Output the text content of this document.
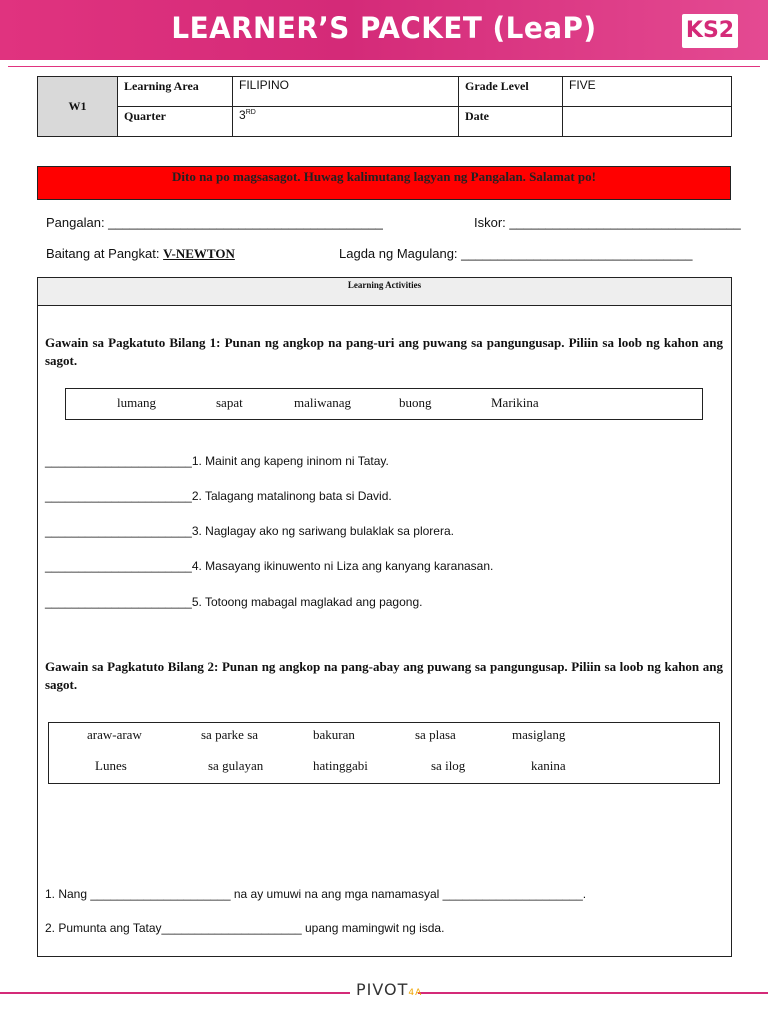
LEARNER’S PACKET (LeaP)	KS2
W1	Learning Area	FILIPINO	Grade Level	FIVE
	Quarter	3RD	Date	
Dito na po magsasagot. Huwag kalimutang lagyan ng Pangalan. Salamat po!
Pangalan: ______________________________________	Iskor: ________________________________
Baitang at Pangkat: V-NEWTON	Lagda ng Magulang: ________________________________
Learning Activities
Gawain sa Pagkatuto Bilang 1: Punan ng angkop na pang-uri ang puwang sa pangungusap. Piliin sa loob ng kahon ang sagot.
lumang	sapat	maliwanag	buong	Marikina
______________________1. Mainit ang kapeng ininom ni Tatay.
______________________2. Talagang matalinong bata si David.
______________________3. Naglagay ako ng sariwang bulaklak sa plorera.
______________________4. Masayang ikinuwento ni Liza ang kanyang karanasan.
______________________5. Totoong mabagal maglakad ang pagong.
Gawain sa Pagkatuto Bilang 2: Punan ng angkop na pang-abay ang puwang sa pangungusap. Piliin sa loob ng kahon ang sagot.
araw-araw	sa parke sa	bakuran	sa plasa	masiglang
Lunes	sa gulayan	hatinggabi	sa ilog	kanina
1. Nang _____________________ na ay umuwi na ang mga namamasyal _____________________.
2. Pumunta ang Tatay_____________________ upang mamingwit ng isda.
PIVOT4A
